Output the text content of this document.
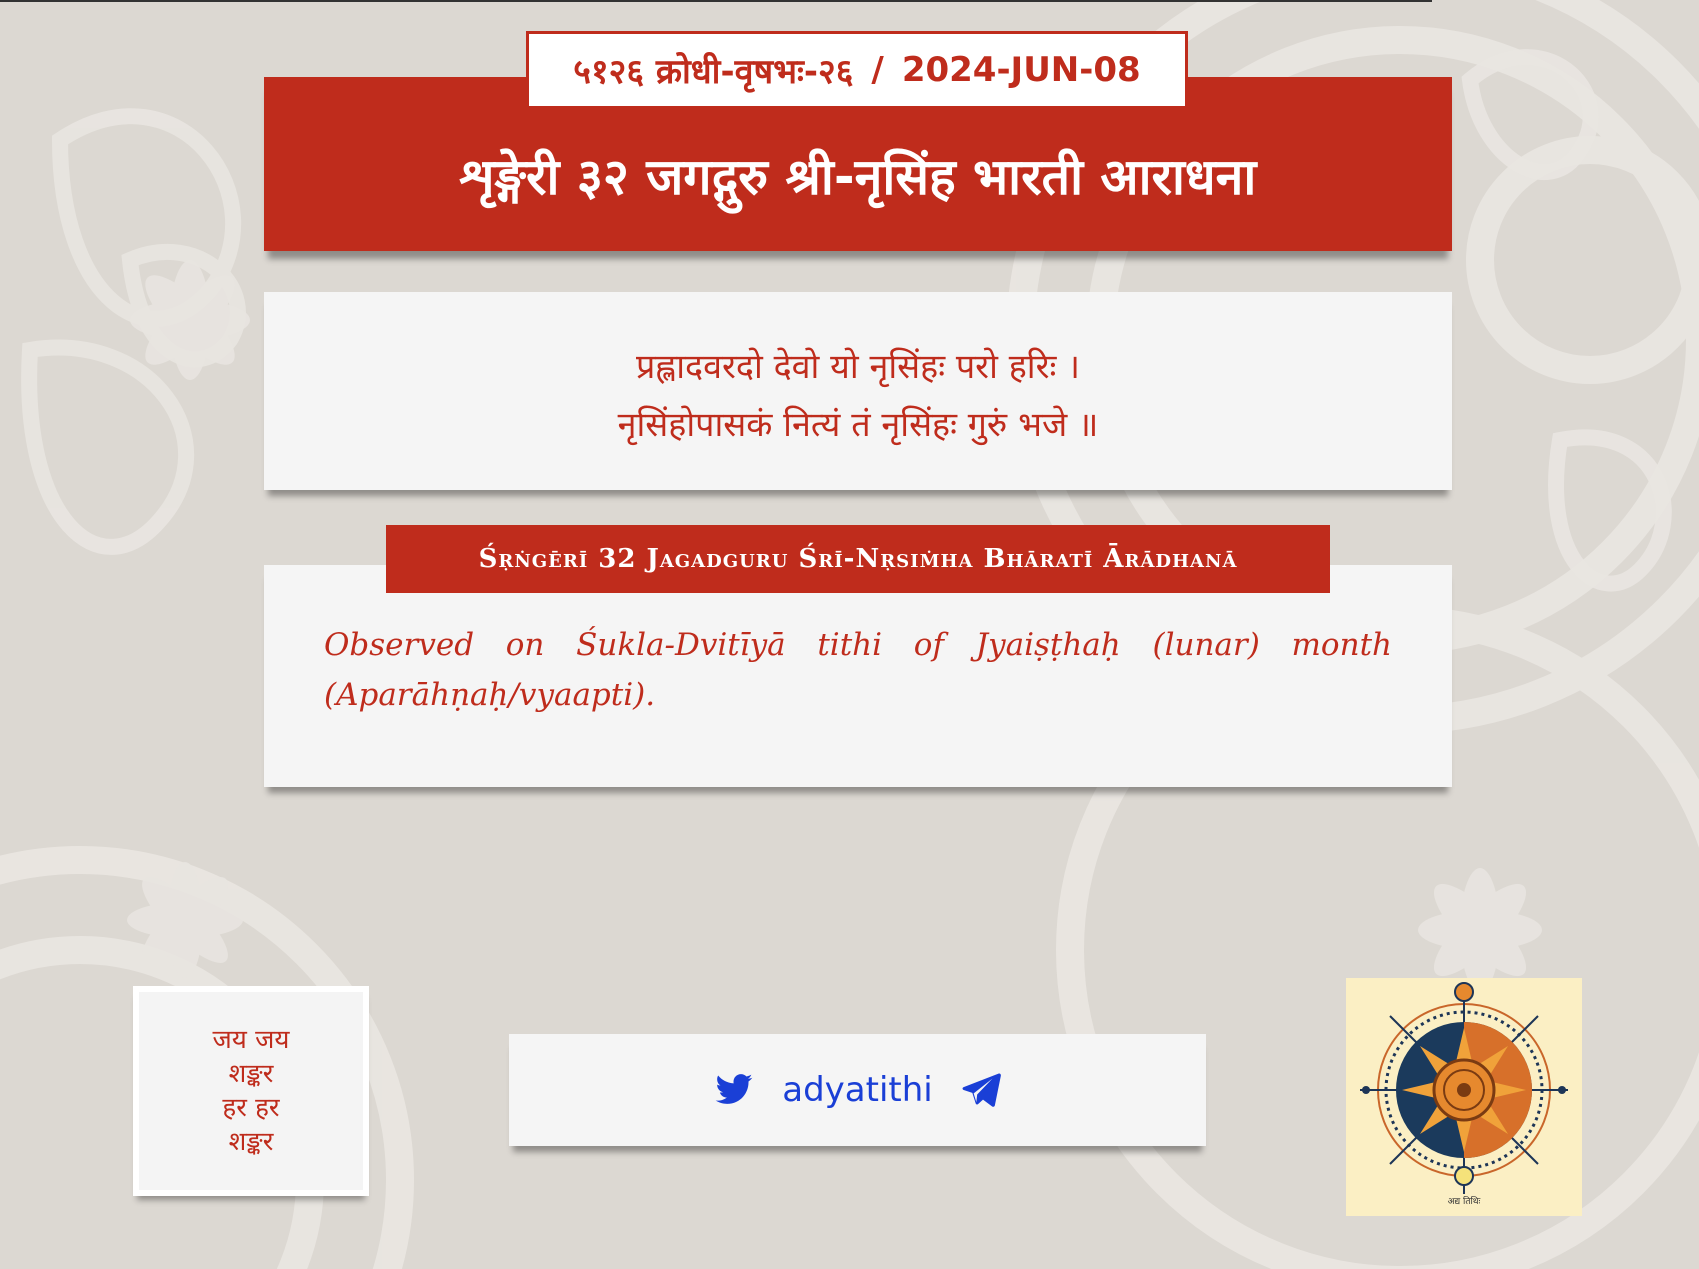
५१२६ क्रोधी-वृषभः-२६ / 2024-JUN-08
शृङ्गेरी ३२ जगद्गुरु श्री-नृसिंह भारती आराधना
प्रह्लादवरदो देवो यो नृसिंहः परो हरिः ।
नृसिंहोपासकं नित्यं तं नृसिंहः गुरुं भजे ॥

Observed on Śukla-Dvitīyā tithi of Jyaiṣṭhaḥ (lunar) month (Aparāhṇaḥ/vyaapti).

Śṛṅgērī 32 Jagadguru Śrī-Nṛsiṁha Bhāratī Ārādhanā
जय जय
शङ्कर
हर हर
शङ्कर
adyatithi
अद्य तिथिः
